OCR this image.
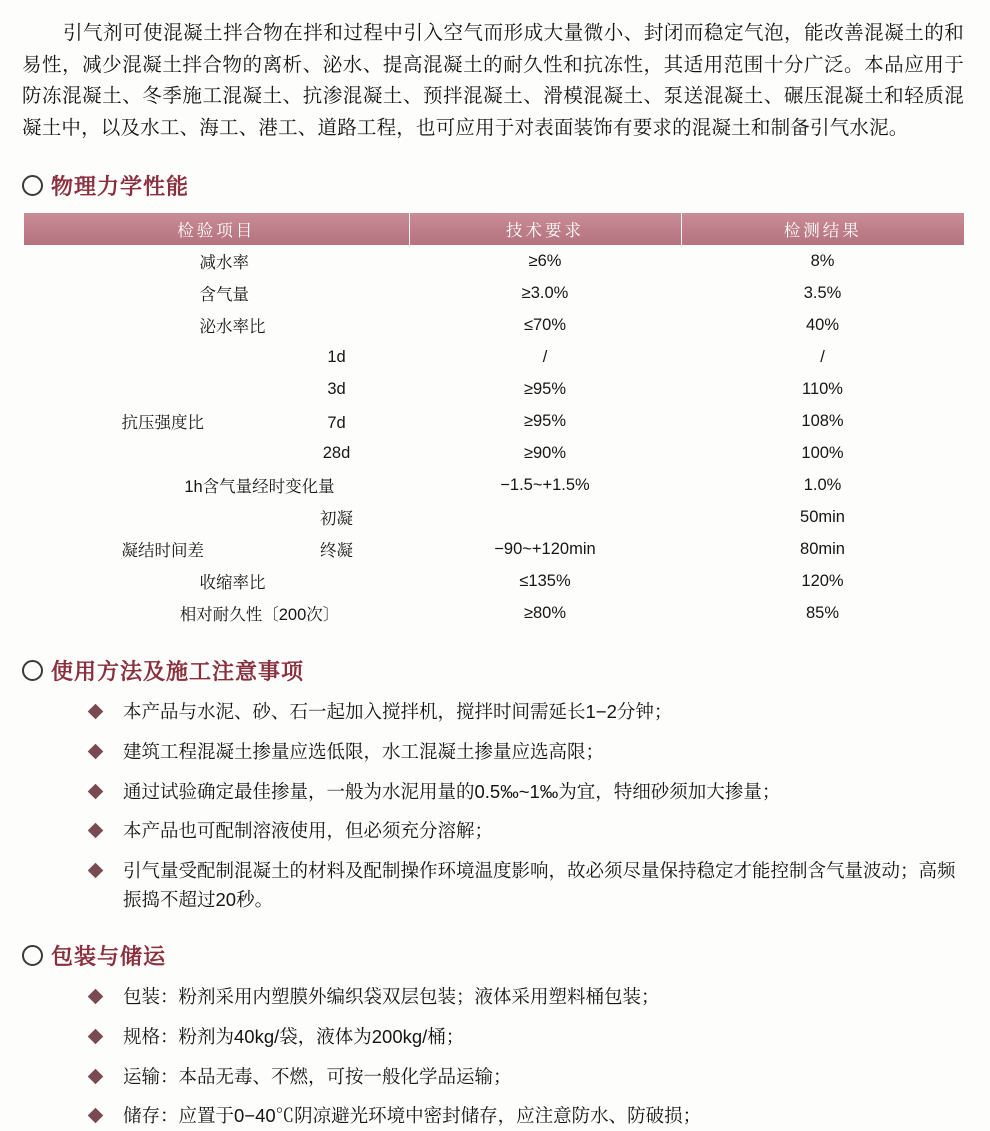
引气剂可使混凝土拌合物在拌和过程中引入空气而形成大量微小、封闭而稳定气泡，能改善混凝土的和易性，减少混凝土拌合物的离析、泌水、提高混凝土的耐久性和抗冻性，其适用范围十分广泛。本品应用于防冻混凝土、冬季施工混凝土、抗渗混凝土、预拌混凝土、滑模混凝土、泵送混凝土、碾压混凝土和轻质混凝土中，以及水工、海工、港工、道路工程，也可应用于对表面装饰有要求的混凝土和制备引气水泥。

物理力学性能
检验项目	技术要求	检测结果
减水率	≥6%	8%
含气量	≥3.0%	3.5%
泌水率比	≤70%	40%
1d	/	/
3d	≥95%	110%
抗压强度比 7d	≥95%	108%
28d	≥90%	100%
1h含气量经时变化量	−1.5~+1.5%	1.0%
初凝		50min
凝结时间差 终凝	−90~+120min	80min
收缩率比	≤135%	120%
相对耐久性〔200次〕	≥80%	85%
使用方法及施工注意事项
本产品与水泥、砂、石一起加入搅拌机，搅拌时间需延长1−2分钟；
建筑工程混凝土掺量应选低限，水工混凝土掺量应选高限；
通过试验确定最佳掺量，一般为水泥用量的0.5‰~1‰为宜，特细砂须加大掺量；
本产品也可配制溶液使用，但必须充分溶解；
引气量受配制混凝土的材料及配制操作环境温度影响，故必须尽量保持稳定才能控制含气量波动；高频振捣不超过20秒。
包装与储运
包装：粉剂采用内塑膜外编织袋双层包装；液体采用塑料桶包装；
规格：粉剂为40kg/袋，液体为200kg/桶；
运输：本品无毒、不燃，可按一般化学品运输；
储存：应置于0−40℃阴凉避光环境中密封储存，应注意防水、防破损；
